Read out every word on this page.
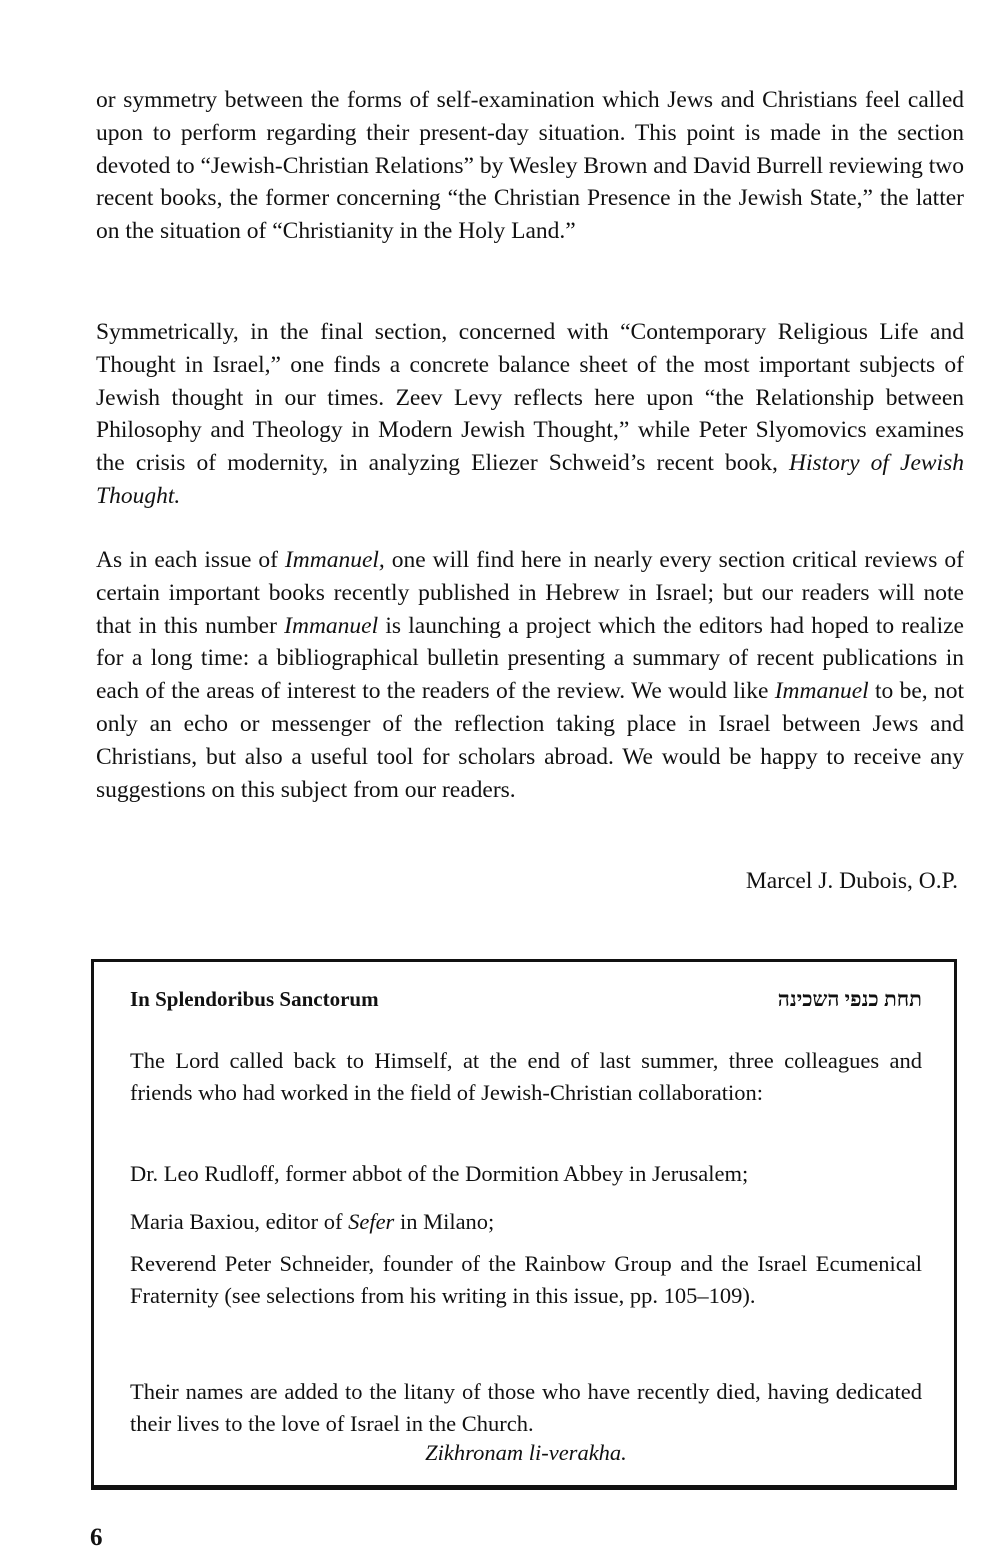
or symmetry between the forms of self-examination which Jews and Christians feel called upon to perform regarding their present-day situation. This point is made in the section devoted to “Jewish-Christian Relations” by Wesley Brown and David Burrell reviewing two recent books, the former concerning “the Christian Presence in the Jewish State,” the latter on the situation of “Christianity in the Holy Land.”

Symmetrically, in the final section, concerned with “Contemporary Religious Life and Thought in Israel,” one finds a concrete balance sheet of the most important subjects of Jewish thought in our times. Zeev Levy reflects here upon “the Relationship between Philosophy and Theology in Modern Jewish Thought,” while Peter Slyomovics examines the crisis of modernity, in analyzing Eliezer Schweid’s recent book, History of Jewish Thought.

As in each issue of Immanuel, one will find here in nearly every section critical reviews of certain important books recently published in Hebrew in Israel; but our readers will note that in this number Immanuel is launching a project which the editors had hoped to realize for a long time: a bibliographical bulletin presenting a summary of recent publications in each of the areas of interest to the readers of the review. We would like Immanuel to be, not only an echo or messenger of the reflection taking place in Israel between Jews and Christians, but also a useful tool for scholars abroad. We would be happy to receive any suggestions on this subject from our readers.

Marcel J. Dubois, O.P.
In Splendoribus Sanctorum	תחת כנפי השכינה

The Lord called back to Himself, at the end of last summer, three colleagues and friends who had worked in the field of Jewish-Christian collaboration:

Dr. Leo Rudloff, former abbot of the Dormition Abbey in Jerusalem;

Maria Baxiou, editor of Sefer in Milano;

Reverend Peter Schneider, founder of the Rainbow Group and the Israel Ecumenical Fraternity (see selections from his writing in this issue, pp. 105–109).

Their names are added to the litany of those who have recently died, having dedicated their lives to the love of Israel in the Church.

Zikhronam li-verakha.
6
